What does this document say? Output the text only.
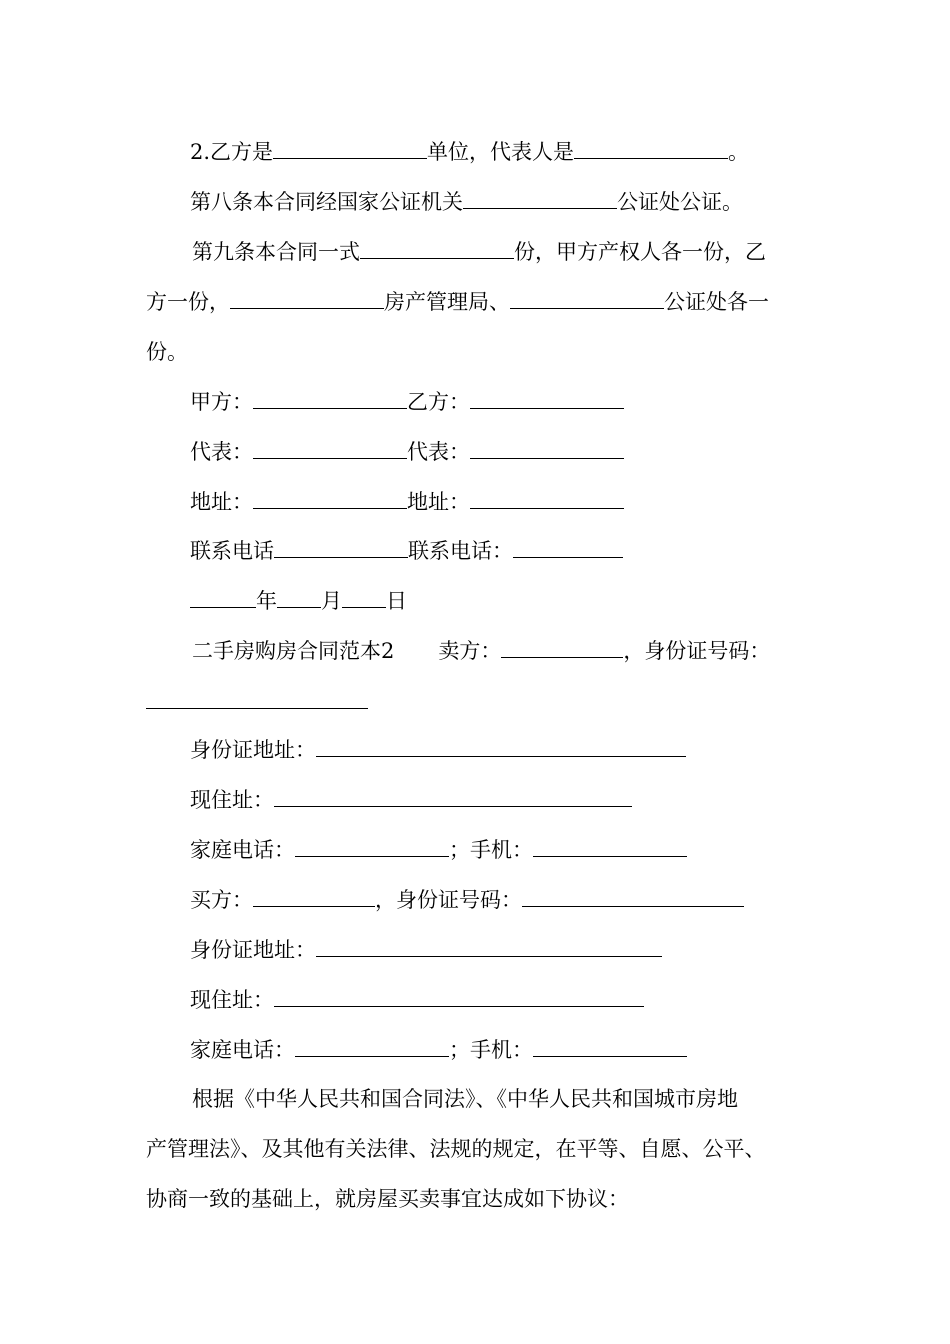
2.乙方是	单位，代表人是	。
第八条本合同经国家公证机关	公证处公证。
第九条本合同一式	份，甲方产权人各一份，乙
方一份，	房产管理局、	公证处各一
份。
甲方：	乙方：
代表：	代表：
地址：	地址：
联系电话	联系电话：
年 月 日
二手房购房合同范本2 卖方：	，身份证号码：
身份证地址：
现住址：
家庭电话：	；手机：
买方：	，身份证号码：
身份证地址：
现住址：
家庭电话：	；手机：
根据《中华人民共和国合同法》、《中华人民共和国城市房地
产管理法》、及其他有关法律、法规的规定，在平等、自愿、公平、
协商一致的基础上，就房屋买卖事宜达成如下协议：
